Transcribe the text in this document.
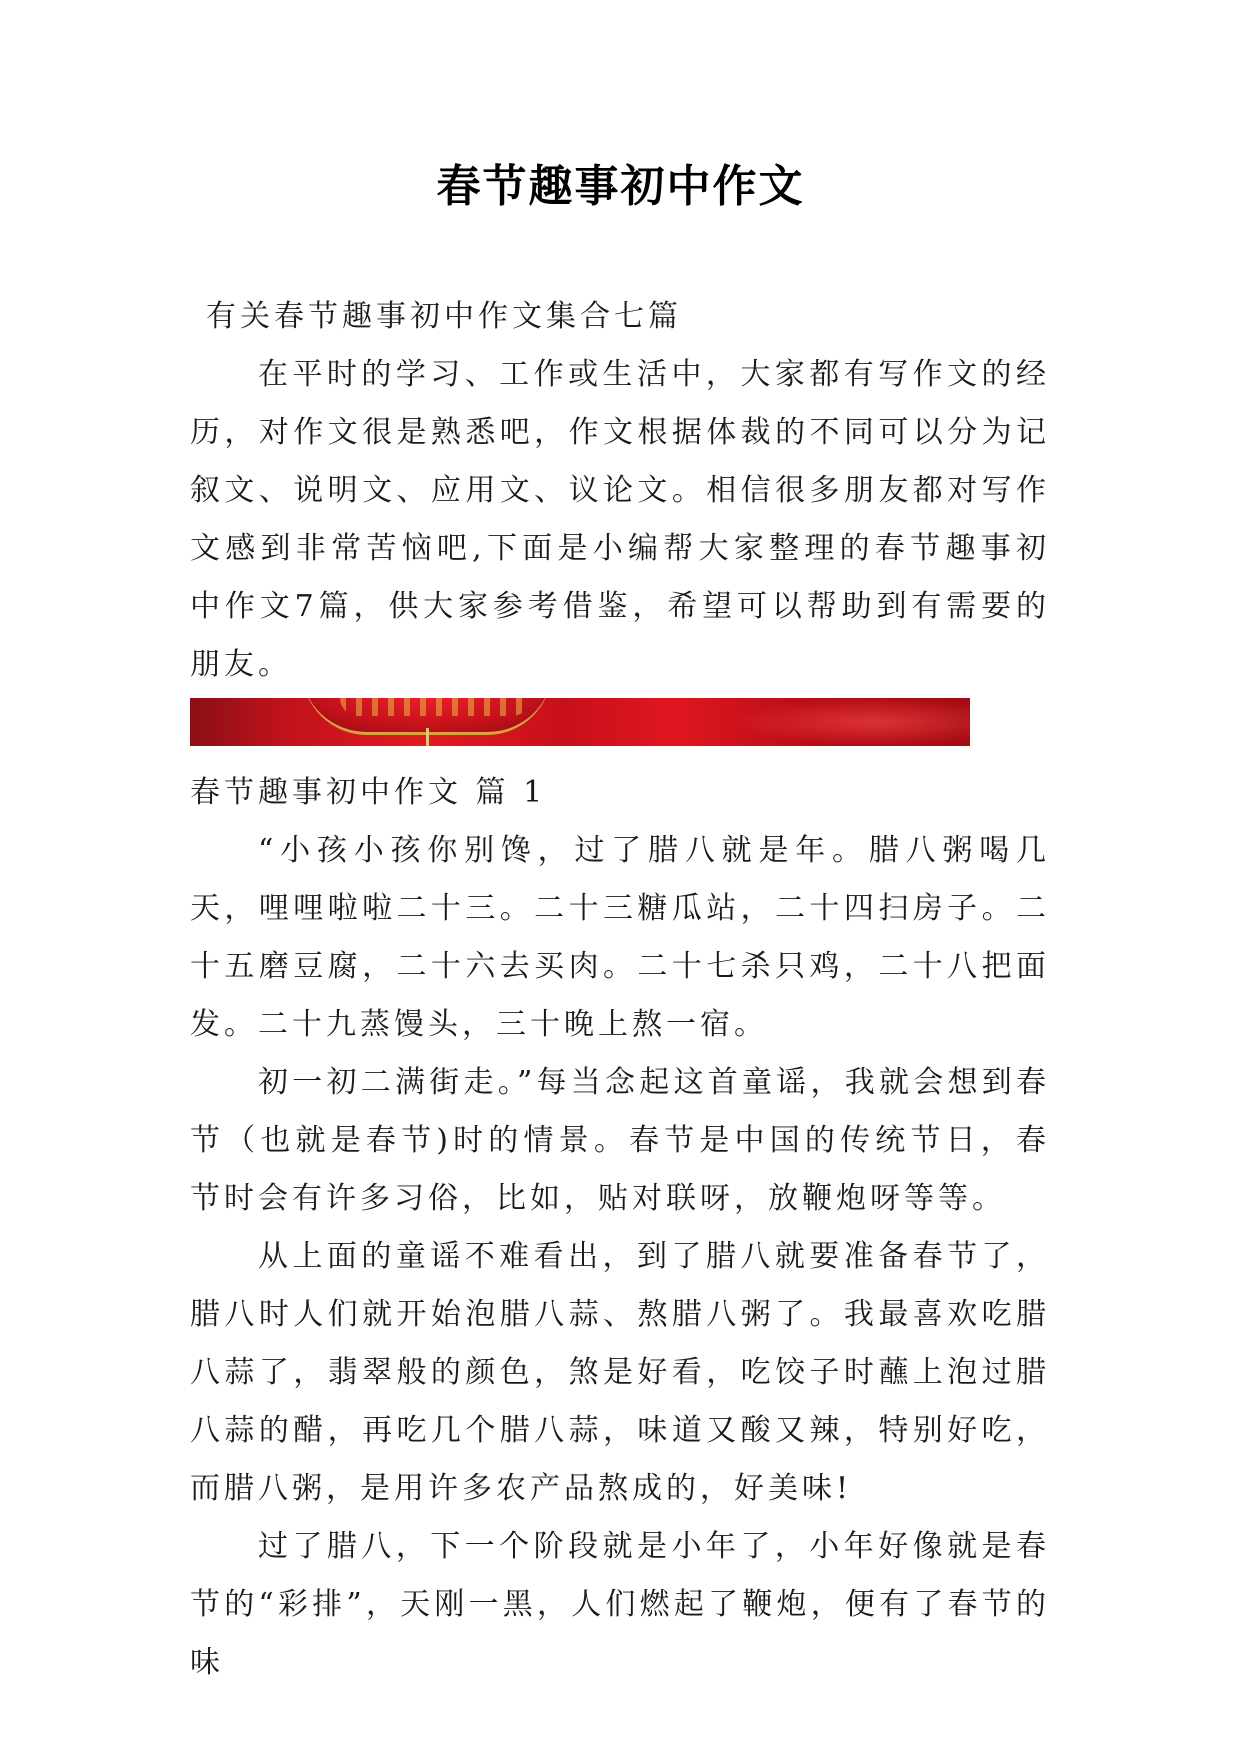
春节趣事初中作文
有关春节趣事初中作文集合七篇

在平时的学习、工作或生活中，大家都有写作文的经历，对作文很是熟悉吧，作文根据体裁的不同可以分为记叙文、说明文、应用文、议论文。相信很多朋友都对写作文感到非常苦恼吧,下面是小编帮大家整理的春节趣事初中作文7篇，供大家参考借鉴，希望可以帮助到有需要的朋友。

春节趣事初中作文 篇 1

“小孩小孩你别馋，过了腊八就是年。腊八粥喝几天，哩哩啦啦二十三。二十三糖瓜站，二十四扫房子。二十五磨豆腐，二十六去买肉。二十七杀只鸡，二十八把面发。二十九蒸馒头，三十晚上熬一宿。

初一初二满街走。”每当念起这首童谣，我就会想到春节（也就是春节)时的情景。春节是中国的传统节日，春节时会有许多习俗，比如，贴对联呀，放鞭炮呀等等。

从上面的童谣不难看出，到了腊八就要准备春节了，腊八时人们就开始泡腊八蒜、熬腊八粥了。我最喜欢吃腊八蒜了，翡翠般的颜色，煞是好看，吃饺子时蘸上泡过腊八蒜的醋，再吃几个腊八蒜，味道又酸又辣，特别好吃，而腊八粥，是用许多农产品熬成的，好美味!

过了腊八，下一个阶段就是小年了，小年好像就是春节的“彩排”，天刚一黑，人们燃起了鞭炮，便有了春节的味
